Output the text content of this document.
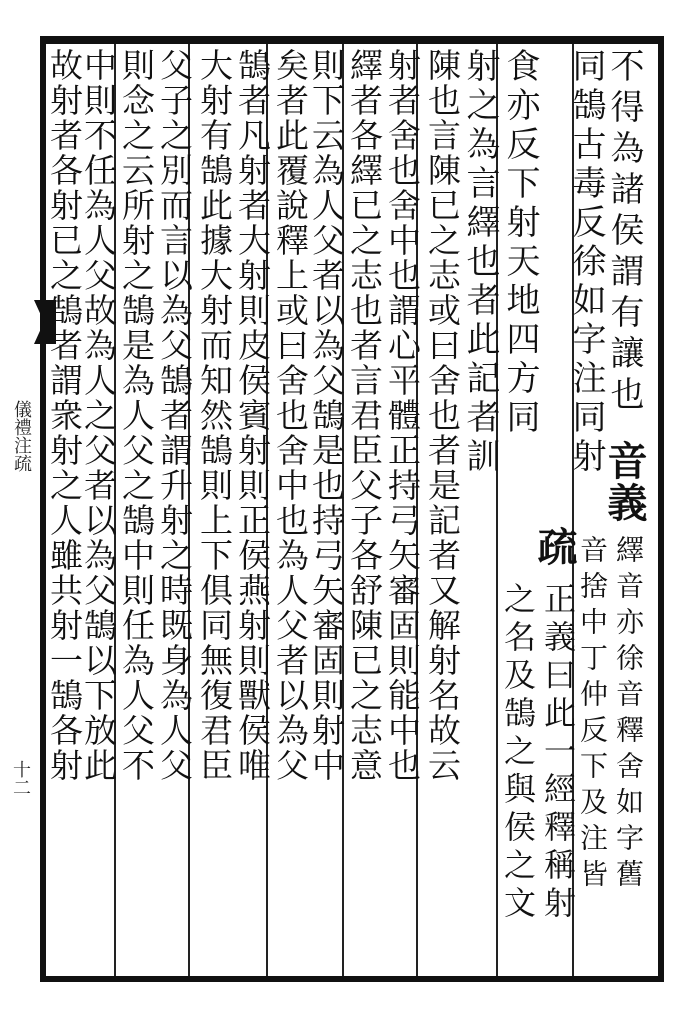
儀禮注疏
十二
不得為諸侯謂有讓也
同鵠古毒反徐如字注同射
音義
繹音亦徐音釋舍如字舊
音捨中丁仲反下及注皆
食亦反下射天地四方同
疏
正義曰此一經釋稱射
之名及鵠之與侯之文
射之為言繹也者此記者訓
陳也言陳已之志或曰舍也者是記者又解射名故云
射者舍也舍中也謂心平體正持弓矢審固則能中也
繹者各繹已之志也者言君臣父子各舒陳已之志意
則下云為人父者以為父鵠是也持弓矢審固則射中
矣者此覆說釋上或曰舍也舍中也為人父者以為父
鵠者凡射者大射則皮侯賓射則正侯燕射則獸侯唯
大射有鵠此據大射而知然鵠則上下俱同無復君臣
父子之別而言以為父鵠者謂升射之時既身為人父
則念之云所射之鵠是為人父之鵠中則任為人父不
中則不任為人父故為人之父者以為父鵠以下放此
故射者各射已之鵠者謂衆射之人雖共射一鵠各射
